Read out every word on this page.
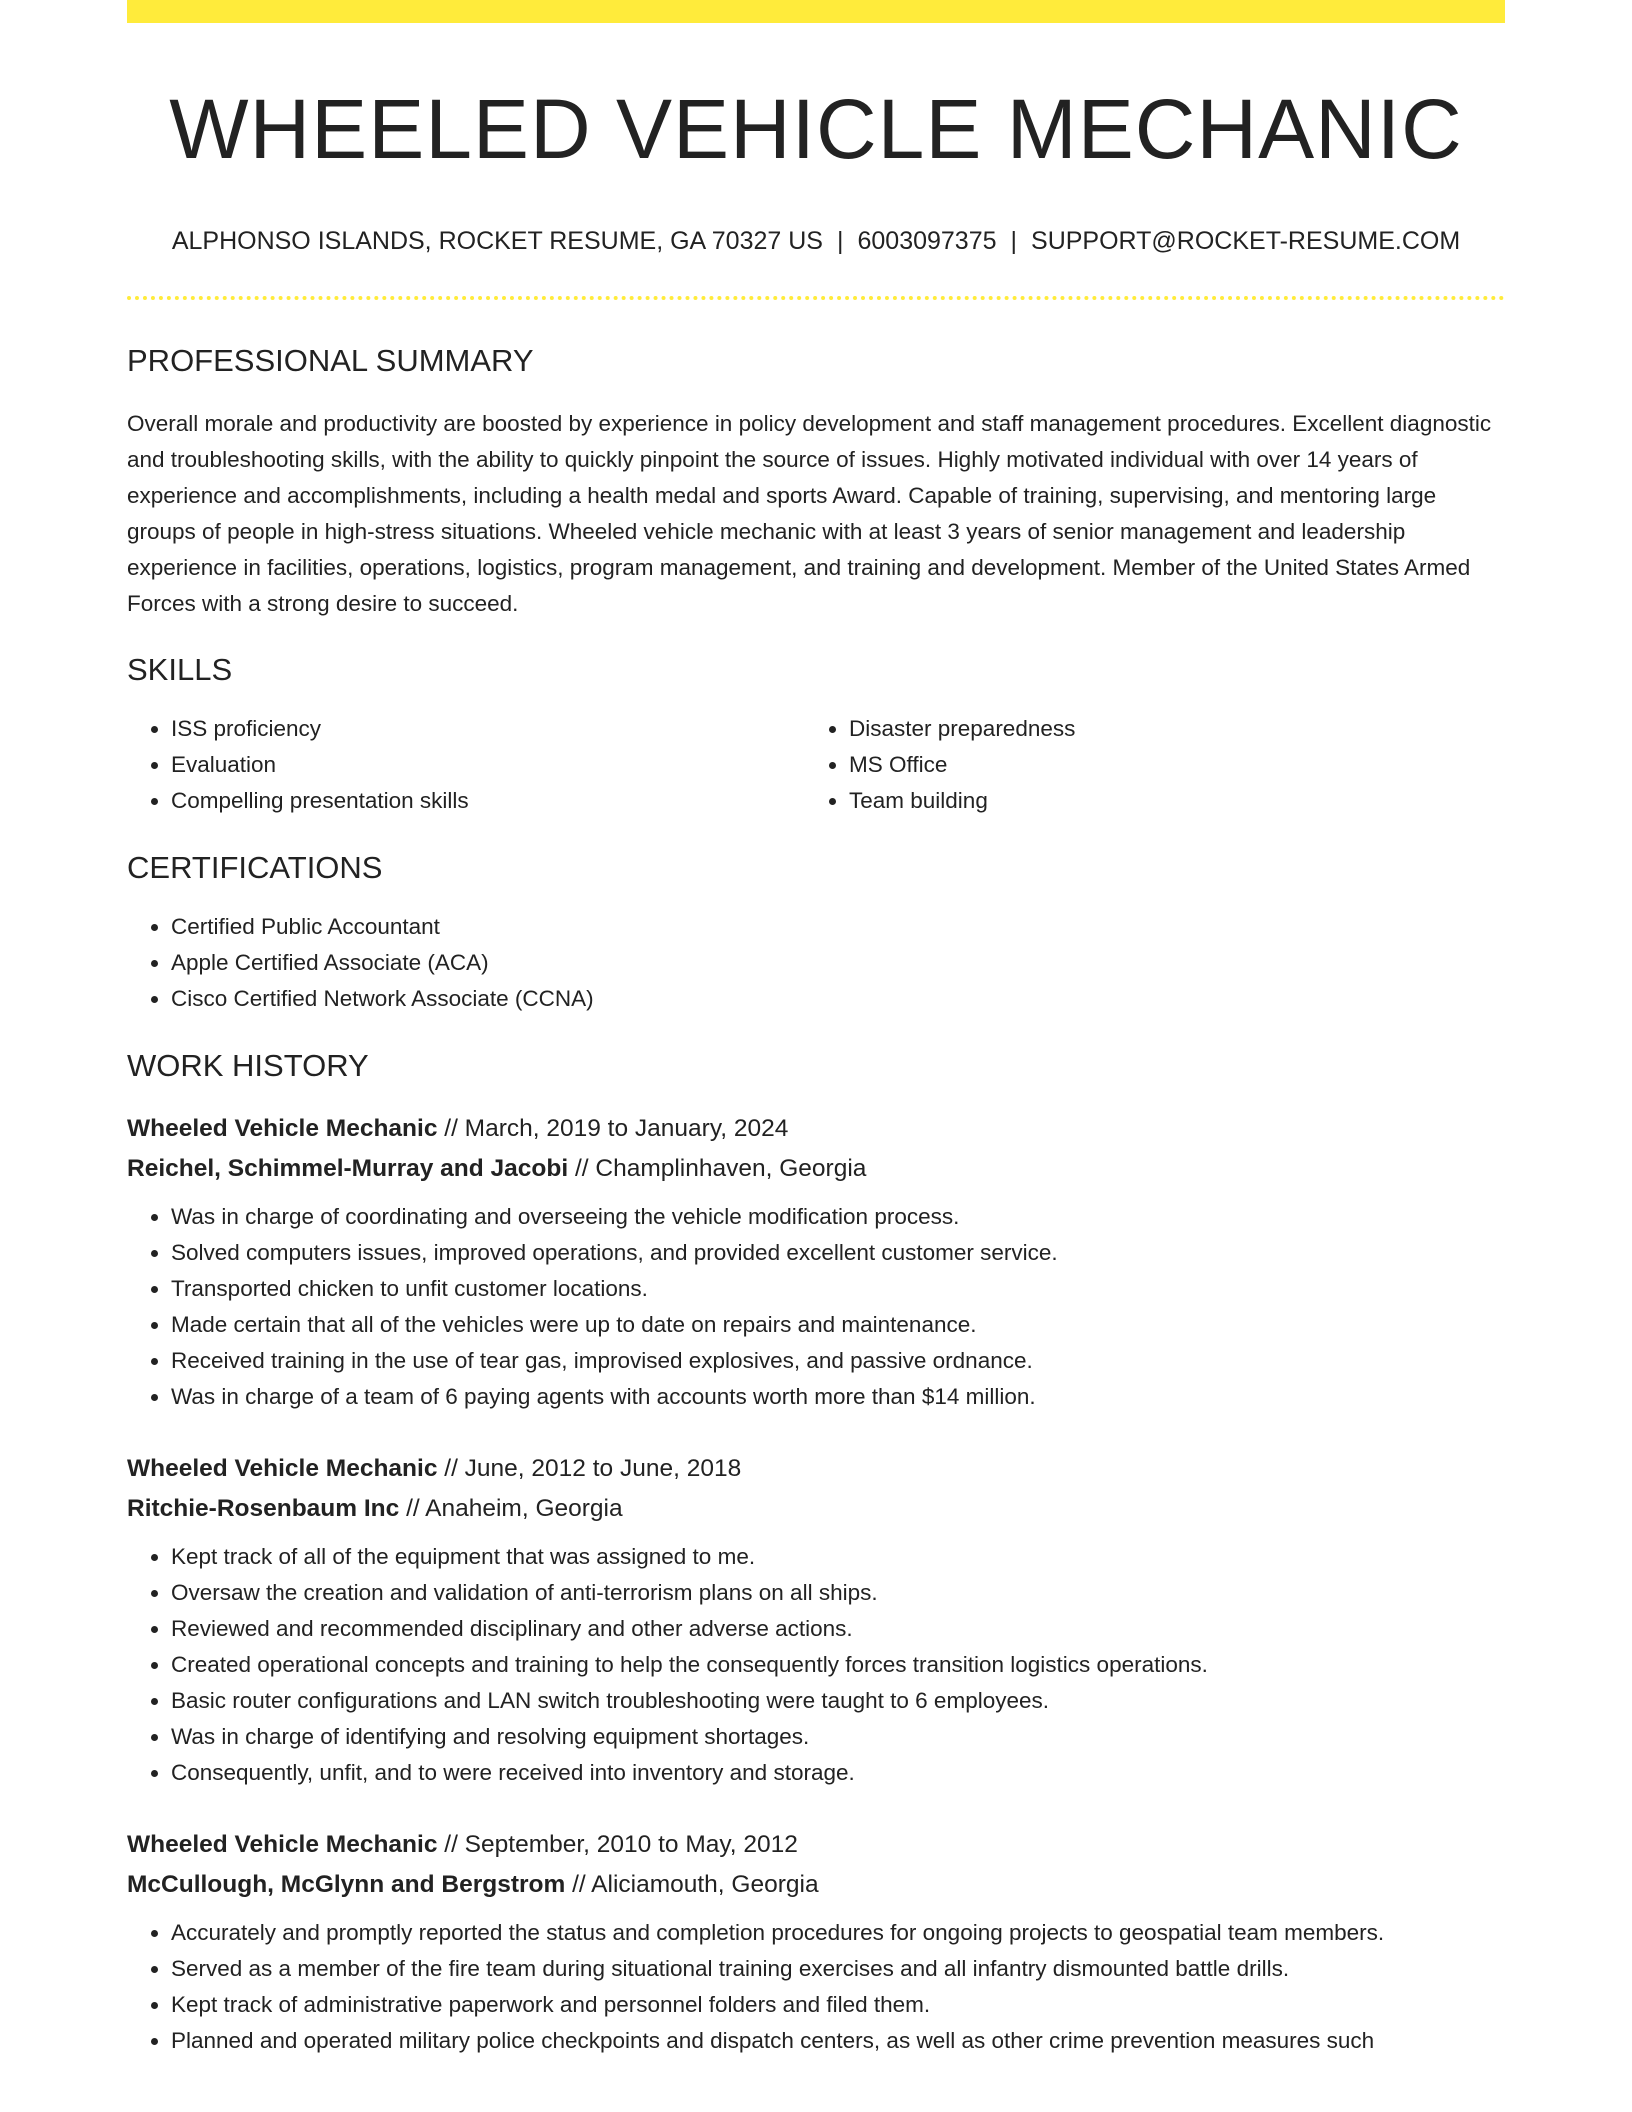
WHEELED VEHICLE MECHANIC
ALPHONSO ISLANDS, ROCKET RESUME, GA 70327 US | 6003097375 | SUPPORT@ROCKET-RESUME.COM
PROFESSIONAL SUMMARY
Overall morale and productivity are boosted by experience in policy development and staff management procedures. Excellent diagnostic and troubleshooting skills, with the ability to quickly pinpoint the source of issues. Highly motivated individual with over 14 years of experience and accomplishments, including a health medal and sports Award. Capable of training, supervising, and mentoring large groups of people in high-stress situations. Wheeled vehicle mechanic with at least 3 years of senior management and leadership experience in facilities, operations, logistics, program management, and training and development. Member of the United States Armed Forces with a strong desire to succeed.
SKILLS
• ISS proficiency
• Evaluation
• Compelling presentation skills
• Disaster preparedness
• MS Office
• Team building
CERTIFICATIONS
• Certified Public Accountant
• Apple Certified Associate (ACA)
• Cisco Certified Network Associate (CCNA)
WORK HISTORY
Wheeled Vehicle Mechanic // March, 2019 to January, 2024
Reichel, Schimmel-Murray and Jacobi // Champlinhaven, Georgia
• Was in charge of coordinating and overseeing the vehicle modification process.
• Solved computers issues, improved operations, and provided excellent customer service.
• Transported chicken to unfit customer locations.
• Made certain that all of the vehicles were up to date on repairs and maintenance.
• Received training in the use of tear gas, improvised explosives, and passive ordnance.
• Was in charge of a team of 6 paying agents with accounts worth more than $14 million.
Wheeled Vehicle Mechanic // June, 2012 to June, 2018
Ritchie-Rosenbaum Inc // Anaheim, Georgia
• Kept track of all of the equipment that was assigned to me.
• Oversaw the creation and validation of anti-terrorism plans on all ships.
• Reviewed and recommended disciplinary and other adverse actions.
• Created operational concepts and training to help the consequently forces transition logistics operations.
• Basic router configurations and LAN switch troubleshooting were taught to 6 employees.
• Was in charge of identifying and resolving equipment shortages.
• Consequently, unfit, and to were received into inventory and storage.
Wheeled Vehicle Mechanic // September, 2010 to May, 2012
McCullough, McGlynn and Bergstrom // Aliciamouth, Georgia
• Accurately and promptly reported the status and completion procedures for ongoing projects to geospatial team members.
• Served as a member of the fire team during situational training exercises and all infantry dismounted battle drills.
• Kept track of administrative paperwork and personnel folders and filed them.
• Planned and operated military police checkpoints and dispatch centers, as well as other crime prevention measures such
